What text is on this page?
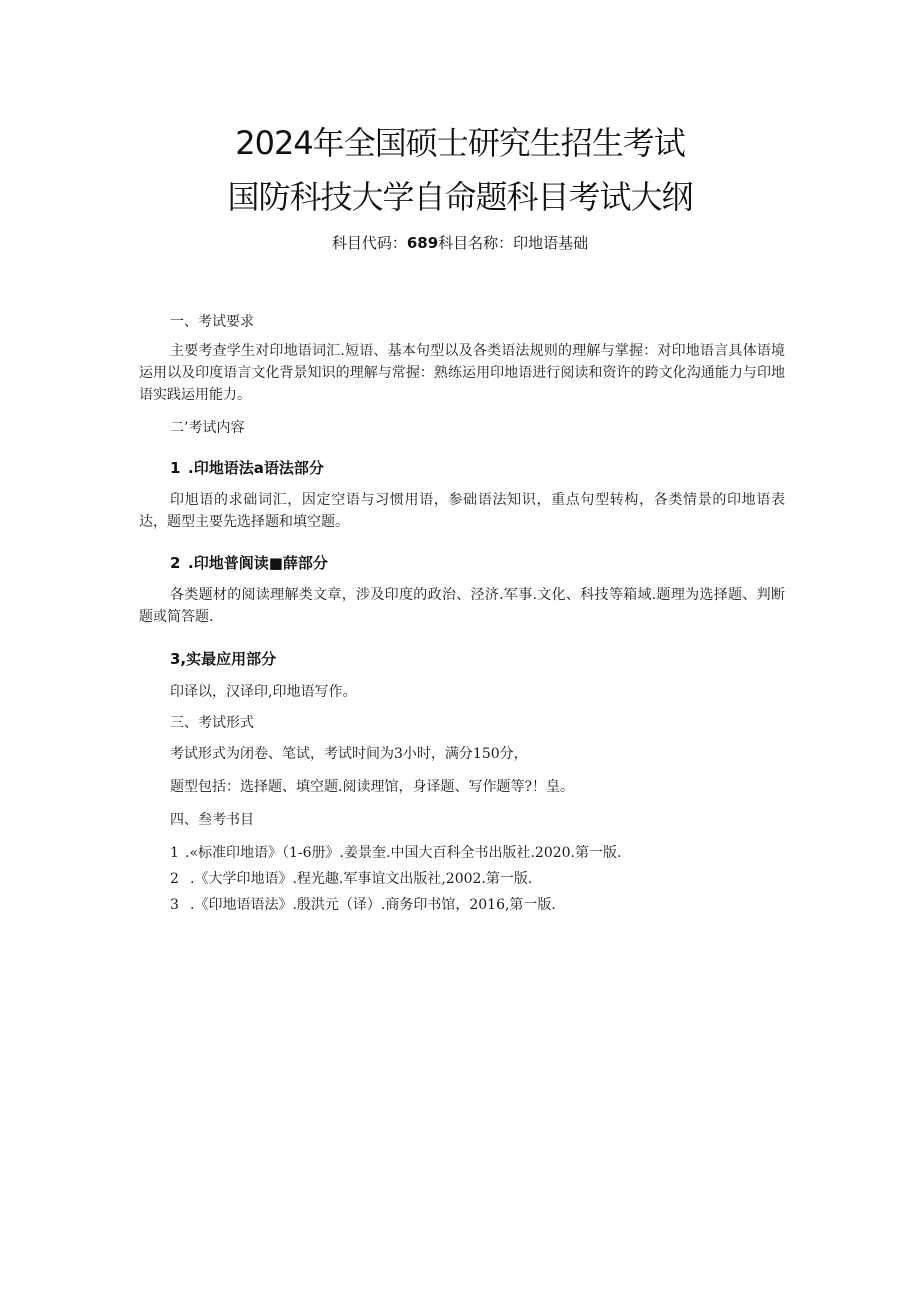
2024年全国硕士研究生招生考试
国防科技大学自命题科目考试大纲
科目代码：689科目名称：印地语基础
一、考试要求
主要考查学生对印地语词汇.短语、基本句型以及各类语法规则的理解与掌握：对印地语言具体语境运用以及印度语言文化背景知识的理解与常握：熟练运用印地语进行阅读和资许的跨文化沟通能力与印地语实践运用能力。
二’考试内容
1 .印地语法a语法部分
印旭语的求础词汇，因定空语与习惯用语，参础语法知识，重点句型转构，各类情景的印地语表达，题型主要先选择题和填空题。
2 .印地普阆读■薛部分
各类题材的阅读理解类文章，涉及印度的政治、泾济.军事.文化、科技等箱域.题理为选择题、判断题或简答题.
3,实最应用部分
印译以，汉译印,印地语写作。
三、考试形式
考试形式为闭卷、笔试，考试时间为3小时，满分150分，
题型包括：选择题、填空题.阅读理馆，身译题、写作题等?！皇。
四、叁考书目
1 .«标准印地语》（1-6册》.姜景奎.中国大百科全书出版社.2020.第一版.
2 .《大学印地语》.程光趣.军事谊文出版社,2002.第一版.
3 .《印地语语法》.殷洪元（译）.商务印书馆，2016,第一版.
